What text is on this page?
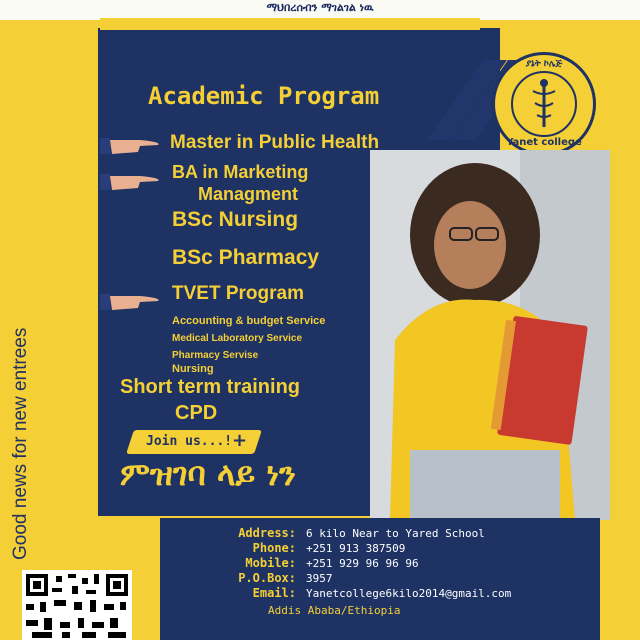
ማህበረሰብን ማገልገል ነዉ
ያኔት ኮሌጅ
Yanet college
Academic Program
Master in Public Health
BA in Marketing
Managment
BSc Nursing
BSc Pharmacy
TVET Program
Accounting & budget Service
Medical Laboratory Service
Pharmacy Servise
Nursing
Short term training
CPD
Join us...! +
ምዝገባ ላይ ነን
Good news for new entrees	Address: 6 kilo Near to Yared School
Phone: +251 913 387509
Mobile: +251 929 96 96 96
P.O.Box: 3957
Email: Yanetcollege6kilo2014@gmail.com
Addis Ababa/Ethiopia
